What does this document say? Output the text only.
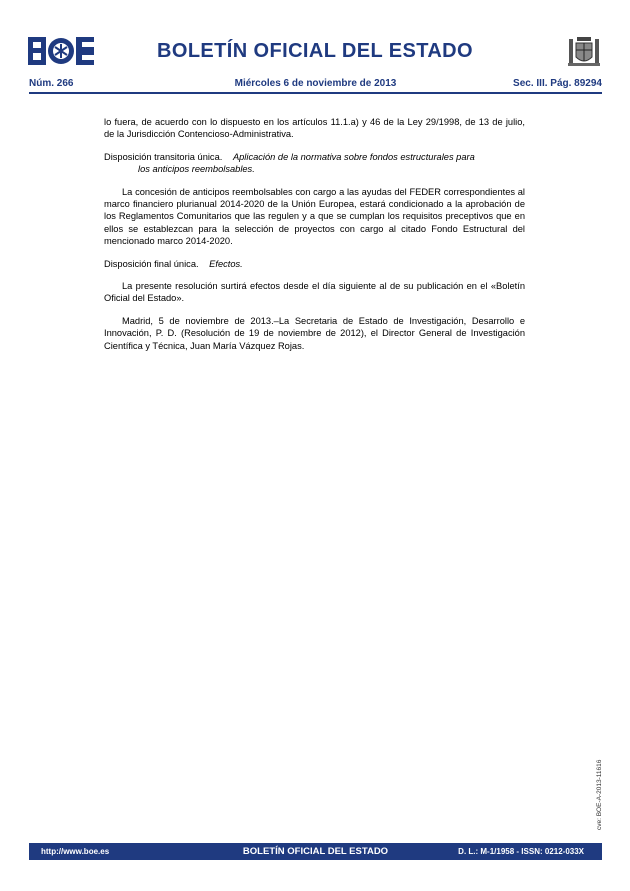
BOLETÍN OFICIAL DEL ESTADO
Núm. 266	Miércoles 6 de noviembre de 2013	Sec. III. Pág. 89294

lo fuera, de acuerdo con lo dispuesto en los artículos 11.1.a) y 46 de la Ley 29/1998, de 13 de julio, de la Jurisdicción Contencioso-Administrativa.

Disposición transitoria única. Aplicación de la normativa sobre fondos estructurales para
los anticipos reembolsables.

La concesión de anticipos reembolsables con cargo a las ayudas del FEDER correspondientes al marco financiero plurianual 2014-2020 de la Unión Europea, estará condicionado a la aprobación de los Reglamentos Comunitarios que las regulen y a que se cumplan los requisitos preceptivos que en ellos se establezcan para la selección de proyectos con cargo al citado Fondo Estructural del mencionado marco 2014-2020.

Disposición final única. Efectos.

La presente resolución surtirá efectos desde el día siguiente al de su publicación en el «Boletín Oficial del Estado».

Madrid, 5 de noviembre de 2013.–La Secretaria de Estado de Investigación, Desarrollo e Innovación, P. D. (Resolución de 19 de noviembre de 2012), el Director General de Investigación Científica y Técnica, Juan María Vázquez Rojas.

cve: BOE-A-2013-11616
http://www.boe.es	BOLETÍN OFICIAL DEL ESTADO	D. L.: M-1/1958 - ISSN: 0212-033X
